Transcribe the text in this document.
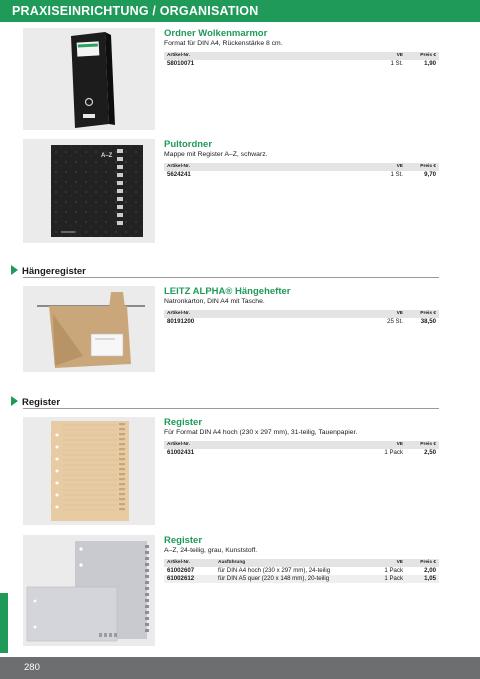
PRAXISEINRICHTUNG / ORGANISATION
Ordner Wolkenmarmor
Format für DIN A4, Rückenstärke 8 cm.
Artikel-Nr.	VE	Preis €
58010071	1 St.	1,90
A–Z
Pultordner
Mappe mit Register A–Z, schwarz.
Artikel-Nr.	VE	Preis €
5624241	1 St.	9,70
Hängeregister
LEITZ ALPHA® Hängehefter
Natronkarton, DIN A4 mit Tasche.
Artikel-Nr.	VE	Preis €
80191200	25 St.	38,50
Register
Register
Für Format DIN A4 hoch (230 x 297 mm), 31-teilig, Tauenpapier.
Artikel-Nr.	VE	Preis €
61002431	1 Pack	2,50
Register
A–Z, 24-teilig, grau, Kunststoff.
Artikel-Nr.	Ausführung	VE	Preis €
61002607	für DIN A4 hoch (230 x 297 mm), 24-teilig	1 Pack	2,00
61002612	für DIN A5 quer (220 x 148 mm), 20-teilig	1 Pack	1,05
280
